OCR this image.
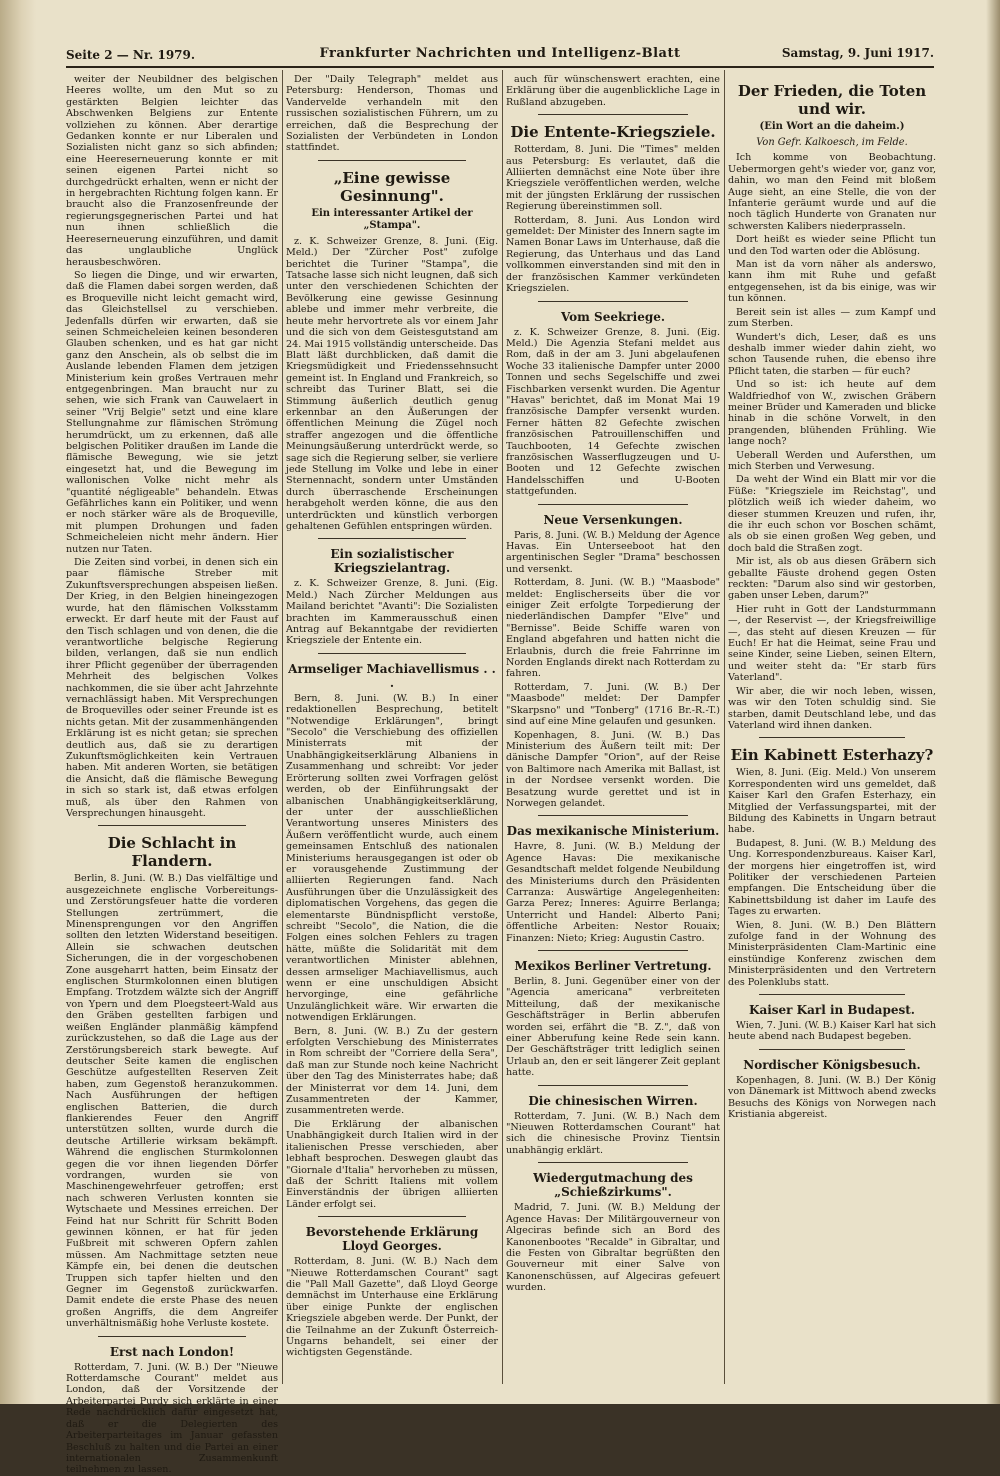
Seite 2 — Nr. 1979.	Frankfurter Nachrichten und Intelligenz-Blatt	Samstag, 9. Juni 1917.

weiter der Neubildner des belgischen Heeres wollte, um den Mut so zu gestärkten Belgien leichter das Abschwenken Belgiens zur Entente vollziehen zu können. Aber derartige Gedanken konnte er nur Liberalen und Sozialisten nicht ganz so sich abfinden; eine Heereserneuerung konnte er mit seinen eigenen Partei nicht so durchgedrückt erhalten, wenn er nicht der in hergebrachten Richtung folgen kann. Er braucht also die Franzosenfreunde der regierungsgegnerischen Partei und hat nun ihnen schließlich die Heereserneuerung einzuführen, und damit das unglaubliche Unglück herausbeschwören.

So liegen die Dinge, und wir erwarten, daß die Flamen dabei sorgen werden, daß es Broqueville nicht leicht gemacht wird, das Gleichstellsel zu verschieben. Jedenfalls dürfen wir erwarten, daß sie seinen Schmeicheleien keinen besonderen Glauben schenken, und es hat gar nicht ganz den Anschein, als ob selbst die im Auslande lebenden Flamen dem jetzigen Ministerium kein großes Vertrauen mehr entgegenbringen. Man braucht nur zu sehen, wie sich Frank van Cauwelaert in seiner "Vrij Belgie" setzt und eine klare Stellungnahme zur flämischen Strömung herumdrückt, um zu erkennen, daß alle belgischen Politiker draußen im Lande die flämische Bewegung, wie sie jetzt eingesetzt hat, und die Bewegung im wallonischen Volke nicht mehr als "quantité négligeable" behandeln. Etwas Gefährliches kann ein Politiker, und wenn er noch stärker wäre als de Broqueville, mit plumpen Drohungen und faden Schmeicheleien nicht mehr ändern. Hier nutzen nur Taten.

Die Zeiten sind vorbei, in denen sich ein paar flämische Streber mit Zukunftsversprechungen abspeisen ließen. Der Krieg, in den Belgien hineingezogen wurde, hat den flämischen Volksstamm erweckt. Er darf heute mit der Faust auf den Tisch schlagen und von denen, die die verantwortliche belgische Regierung bilden, verlangen, daß sie nun endlich ihrer Pflicht gegenüber der überragenden Mehrheit des belgischen Volkes nachkommen, die sie über acht Jahrzehnte vernachlässigt haben. Mit Versprechungen de Broquevilles oder seiner Freunde ist es nichts getan. Mit der zusammenhängenden Erklärung ist es nicht getan; sie sprechen deutlich aus, daß sie zu derartigen Zukunftsmöglichkeiten kein Vertrauen haben. Mit anderen Worten, sie betätigen die Ansicht, daß die flämische Bewegung in sich so stark ist, daß etwas erfolgen muß, als über den Rahmen von Versprechungen hinausgeht.

Die Schlacht in Flandern.

Berlin, 8. Juni. (W. B.) Das vielfältige und ausgezeichnete englische Vorbereitungs- und Zerstörungsfeuer hatte die vorderen Stellungen zertrümmert, die Minensprengungen vor den Angriffen sollten den letzten Widerstand beseitigen. Allein sie schwachen deutschen Sicherungen, die in der vorgeschobenen Zone ausgeharrt hatten, beim Einsatz der englischen Sturmkolonnen einen blutigen Empfang. Trotzdem wälzte sich der Angriff von Ypern und dem Ploegsteert-Wald aus den Gräben gestellten farbigen und weißen Engländer planmäßig kämpfend zurückzustehen, so daß die Lage aus der Zerstörungsbereich stark bewegte. Auf deutscher Seite kamen die englischen Geschütze aufgestellten Reserven Zeit haben, zum Gegenstoß heranzukommen. Nach Ausführungen der heftigen englischen Batterien, die durch flankierendes Feuer den Angriff unterstützen sollten, wurde durch die deutsche Artillerie wirksam bekämpft. Während die englischen Sturmkolonnen gegen die vor ihnen liegenden Dörfer vordrangen, wurden sie von Maschinengewehrfeuer getroffen; erst nach schweren Verlusten konnten sie Wytschaete und Messines erreichen. Der Feind hat nur Schritt für Schritt Boden gewinnen können, er hat für jeden Fußbreit mit schweren Opfern zahlen müssen. Am Nachmittage setzten neue Kämpfe ein, bei denen die deutschen Truppen sich tapfer hielten und den Gegner im Gegenstoß zurückwarfen. Damit endete die erste Phase des neuen großen Angriffs, die dem Angreifer unverhältnismäßig hohe Verluste kostete.

Erst nach London!

Rotterdam, 7. Juni. (W. B.) Der "Nieuwe Rotterdamsche Courant" meldet aus London, daß der Vorsitzende der Arbeiterpartei Purdy sich erklärte in einer Rede nachdrücklich dafür eingesetzt hat, daß er die Delegierten des Arbeiterparteitages im Januar gefassten Beschluß zu halten und die Partei an einer internationalen Zusammenkunft teilnehmen zu lassen.

Der "Daily Telegraph" meldet aus Petersburg: Henderson, Thomas und Vandervelde verhandeln mit den russischen sozialistischen Führern, um zu erreichen, daß die Besprechung der Sozialisten der Verbündeten in London stattfindet.

„Eine gewisse Gesinnung".
Ein interessanter Artikel der „Stampa".

z. K. Schweizer Grenze, 8. Juni. (Eig. Meld.) Der "Zürcher Post" zufolge berichtet die Turiner "Stampa", die Tatsache lasse sich nicht leugnen, daß sich unter den verschiedenen Schichten der Bevölkerung eine gewisse Gesinnung ablebe und immer mehr verbreite, die heute mehr hervortrete als vor einem Jahr und die sich von dem Geistesgutstand am 24. Mai 1915 vollständig unterscheide. Das Blatt läßt durchblicken, daß damit die Kriegsmüdigkeit und Friedenssehnsucht gemeint ist. In England und Frankreich, so schreibt das Turiner Blatt, sei die Stimmung äußerlich deutlich genug erkennbar an den Äußerungen der öffentlichen Meinung die Zügel noch straffer angezogen und die öffentliche Meinungsäußerung unterdrückt werde, so sage sich die Regierung selber, sie verliere jede Stellung im Volke und lebe in einer Sternennacht, sondern unter Umständen durch überraschende Erscheinungen herabgeholt werden könne, die aus den unterdrückten und künstlich verborgen gehaltenen Gefühlen entspringen würden.

Ein sozialistischer Kriegszielantrag.

z. K. Schweizer Grenze, 8. Juni. (Eig. Meld.) Nach Zürcher Meldungen aus Mailand berichtet "Avanti": Die Sozialisten brachten im Kammerausschuß einen Antrag auf Bekanntgabe der revidierten Kriegsziele der Entente ein.

Armseliger Machiavellismus . . .

Bern, 8. Juni. (W. B.) In einer redaktionellen Besprechung, betitelt "Notwendige Erklärungen", bringt "Secolo" die Verschiebung des offiziellen Ministerrats mit der Unabhängigkeitserklärung Albaniens in Zusammenhang und schreibt: Vor jeder Erörterung sollten zwei Vorfragen gelöst werden, ob der Einführungsakt der albanischen Unabhängigkeitserklärung, der unter der ausschließlichen Verantwortung unseres Ministers des Äußern veröffentlicht wurde, auch einem gemeinsamen Entschluß des nationalen Ministeriums herausgegangen ist oder ob er vorausgehende Zustimmung der alliierten Regierungen fand. Nach Ausführungen über die Unzulässigkeit des diplomatischen Vorgehens, das gegen die elementarste Bündnispflicht verstoße, schreibt "Secolo", die Nation, die die Folgen eines solchen Fehlers zu tragen hätte, müßte die Solidarität mit dem verantwortlichen Minister ablehnen, dessen armseliger Machiavellismus, auch wenn er eine unschuldigen Absicht hervorginge, eine gefährliche Unzulänglichkeit wäre. Wir erwarten die notwendigen Erklärungen.

Bern, 8. Juni. (W. B.) Zu der gestern erfolgten Verschiebung des Ministerrates in Rom schreibt der "Corriere della Sera", daß man zur Stunde noch keine Nachricht über den Tag des Ministerrates habe; daß der Ministerrat vor dem 14. Juni, dem Zusammentreten der Kammer, zusammentreten werde.

Die Erklärung der albanischen Unabhängigkeit durch Italien wird in der italienischen Presse verschieden, aber lebhaft besprochen. Deswegen glaubt das "Giornale d'Italia" hervorheben zu müssen, daß der Schritt Italiens mit vollem Einverständnis der übrigen alliierten Länder erfolgt sei.

Bevorstehende Erklärung Lloyd Georges.

Rotterdam, 8. Juni. (W. B.) Nach dem "Nieuwe Rotterdamschen Courant" sagt die "Pall Mall Gazette", daß Lloyd George demnächst im Unterhause eine Erklärung über einige Punkte der englischen Kriegsziele abgeben werde. Der Punkt, der die Teilnahme an der Zukunft Österreich-Ungarns behandelt, sei einer der wichtigsten Gegenstände.

auch für wünschenswert erachten, eine Erklärung über die augenblickliche Lage in Rußland abzugeben.

Die Entente-Kriegsziele.

Rotterdam, 8. Juni. Die "Times" melden aus Petersburg: Es verlautet, daß die Alliierten demnächst eine Note über ihre Kriegsziele veröffentlichen werden, welche mit der jüngsten Erklärung der russischen Regierung übereinstimmen soll.

Rotterdam, 8. Juni. Aus London wird gemeldet: Der Minister des Innern sagte im Namen Bonar Laws im Unterhause, daß die Regierung, das Unterhaus und das Land vollkommen einverstanden sind mit den in der französischen Kammer verkündeten Kriegszielen.

Vom Seekriege.

z. K. Schweizer Grenze, 8. Juni. (Eig. Meld.) Die Agenzia Stefani meldet aus Rom, daß in der am 3. Juni abgelaufenen Woche 33 italienische Dampfer unter 2000 Tonnen und sechs Segelschiffe und zwei Fischbarken versenkt wurden. Die Agentur "Havas" berichtet, daß im Monat Mai 19 französische Dampfer versenkt wurden. Ferner hätten 82 Gefechte zwischen französischen Patrouillenschiffen und Tauchbooten, 14 Gefechte zwischen französischen Wasserflugzeugen und U-Booten und 12 Gefechte zwischen Handelsschiffen und U-Booten stattgefunden.

Neue Versenkungen.

Paris, 8. Juni. (W. B.) Meldung der Agence Havas. Ein Unterseeboot hat den argentinischen Segler "Drama" beschossen und versenkt.

Rotterdam, 8. Juni. (W. B.) "Maasbode" meldet: Englischerseits über die vor einiger Zeit erfolgte Torpedierung der niederländischen Dampfer "Elve" und "Bernisse". Beide Schiffe waren von England abgefahren und hatten nicht die Erlaubnis, durch die freie Fahrrinne im Norden Englands direkt nach Rotterdam zu fahren.

Rotterdam, 7. Juni. (W. B.) Der "Maasbode" meldet: Der Dampfer "Skarpsno" und "Tonberg" (1716 Br.-R.-T.) sind auf eine Mine gelaufen und gesunken.

Kopenhagen, 8. Juni. (W. B.) Das Ministerium des Äußern teilt mit: Der dänische Dampfer "Orion", auf der Reise von Baltimore nach Amerika mit Ballast, ist in der Nordsee versenkt worden. Die Besatzung wurde gerettet und ist in Norwegen gelandet.

Das mexikanische Ministerium.

Havre, 8. Juni. (W. B.) Meldung der Agence Havas: Die mexikanische Gesandtschaft meldet folgende Neubildung des Ministeriums durch den Präsidenten Carranza: Auswärtige Angelegenheiten: Garza Perez; Inneres: Aguirre Berlanga; Unterricht und Handel: Alberto Pani; öffentliche Arbeiten: Nestor Rouaix; Finanzen: Nieto; Krieg: Augustin Castro.

Mexikos Berliner Vertretung.

Berlin, 8. Juni. Gegenüber einer von der "Agencia americana" verbreiteten Mitteilung, daß der mexikanische Geschäftsträger in Berlin abberufen worden sei, erfährt die "B. Z.", daß von einer Abberufung keine Rede sein kann. Der Geschäftsträger tritt lediglich seinen Urlaub an, den er seit längerer Zeit geplant hatte.

Die chinesischen Wirren.

Rotterdam, 7. Juni. (W. B.) Nach dem "Nieuwen Rotterdamschen Courant" hat sich die chinesische Provinz Tientsin unabhängig erklärt.

Wiedergutmachung des „Schießzirkums".

Madrid, 7. Juni. (W. B.) Meldung der Agence Havas: Der Militärgouverneur von Algeciras befinde sich an Bord des Kanonenbootes "Recalde" in Gibraltar, und die Festen von Gibraltar begrüßten den Gouverneur mit einer Salve von Kanonenschüssen, auf Algeciras gefeuert wurden.

Der Frieden, die Toten und wir.
(Ein Wort an die daheim.)
Von Gefr. Kalkoesch, im Felde.

Ich komme von Beobachtung. Uebermorgen geht's wieder vor, ganz vor, dahin, wo man den Feind mit bloßem Auge sieht, an eine Stelle, die von der Infanterie geräumt wurde und auf die noch täglich Hunderte von Granaten nur schwersten Kalibers niederprasseln.

Dort heißt es wieder seine Pflicht tun und den Tod warten oder die Ablösung.

Man ist da vorn näher als anderswo, kann ihm mit Ruhe und gefaßt entgegensehen, ist da bis einige, was wir tun können.

Bereit sein ist alles — zum Kampf und zum Sterben.

Wundert's dich, Leser, daß es uns deshalb immer wieder dahin zieht, wo schon Tausende ruhen, die ebenso ihre Pflicht taten, die starben — für euch?

Und so ist: ich heute auf dem Waldfriedhof von W., zwischen Gräbern meiner Brüder und Kameraden und blicke hinab in die schöne Vorwelt, in den prangenden, blühenden Frühling. Wie lange noch?

Ueberall Werden und Aufersthen, um mich Sterben und Verwesung.

Da weht der Wind ein Blatt mir vor die Füße: "Kriegsziele im Reichstag", und plötzlich weiß ich wieder daheim, wo dieser stummen Kreuzen und rufen, ihr, die ihr euch schon vor Boschen schämt, als ob sie einen großen Weg geben, und doch bald die Straßen zogt.

Mir ist, als ob aus diesen Gräbern sich geballte Fäuste drohend gegen Osten reckten: "Darum also sind wir gestorben, gaben unser Leben, darum?"

Hier ruht in Gott der Landsturmmann —, der Reservist —, der Kriegsfreiwillige —, das steht auf diesen Kreuzen — für Euch! Er hat die Heimat, seine Frau und seine Kinder, seine Lieben, seinen Eltern, und weiter steht da: "Er starb fürs Vaterland".

Wir aber, die wir noch leben, wissen, was wir den Toten schuldig sind. Sie starben, damit Deutschland lebe, und das Vaterland wird ihnen danken.

Ein Kabinett Esterhazy?

Wien, 8. Juni. (Eig. Meld.) Von unserem Korrespondenten wird uns gemeldet, daß Kaiser Karl den Grafen Esterhazy, ein Mitglied der Verfassungspartei, mit der Bildung des Kabinetts in Ungarn betraut habe.

Budapest, 8. Juni. (W. B.) Meldung des Ung. Korrespondenzbureaus. Kaiser Karl, der morgens hier eingetroffen ist, wird Politiker der verschiedenen Parteien empfangen. Die Entscheidung über die Kabinettsbildung ist daher im Laufe des Tages zu erwarten.

Wien, 8. Juni. (W. B.) Den Blättern zufolge fand in der Wohnung des Ministerpräsidenten Clam-Martinic eine einstündige Konferenz zwischen dem Ministerpräsidenten und den Vertretern des Polenklubs statt.

Kaiser Karl in Budapest.

Wien, 7. Juni. (W. B.) Kaiser Karl hat sich heute abend nach Budapest begeben.

Nordischer Königsbesuch.

Kopenhagen, 8. Juni. (W. B.) Der König von Dänemark ist Mittwoch abend zwecks Besuchs des Königs von Norwegen nach Kristiania abgereist.
